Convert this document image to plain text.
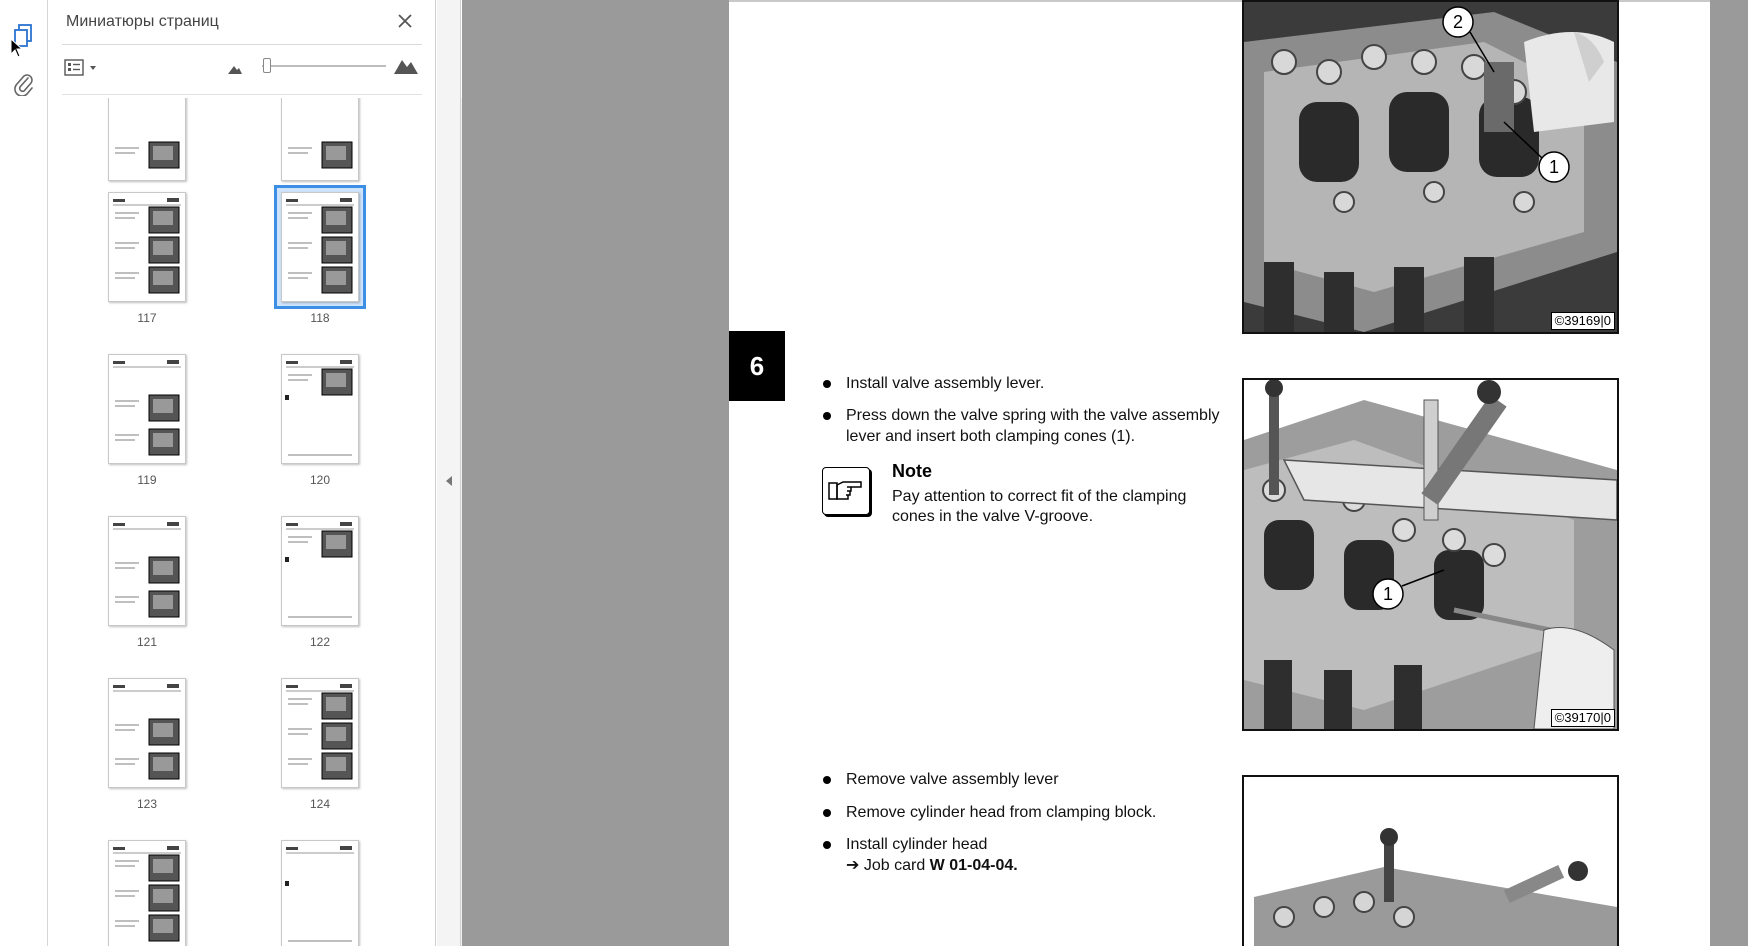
Миниатюры страниц
117	118
119	120
121	122
123	124
2
1
©39169|0
6
Install valve assembly lever.
Press down the valve spring with the valve assembly
lever and insert both clamping cones (1).
Note
Pay attention to correct fit of the clamping
cones in the valve V-groove.
1
©39170|0
Remove valve assembly lever
Remove cylinder head from clamping block.
Install cylinder head
➔ Job card W 01-04-04.
